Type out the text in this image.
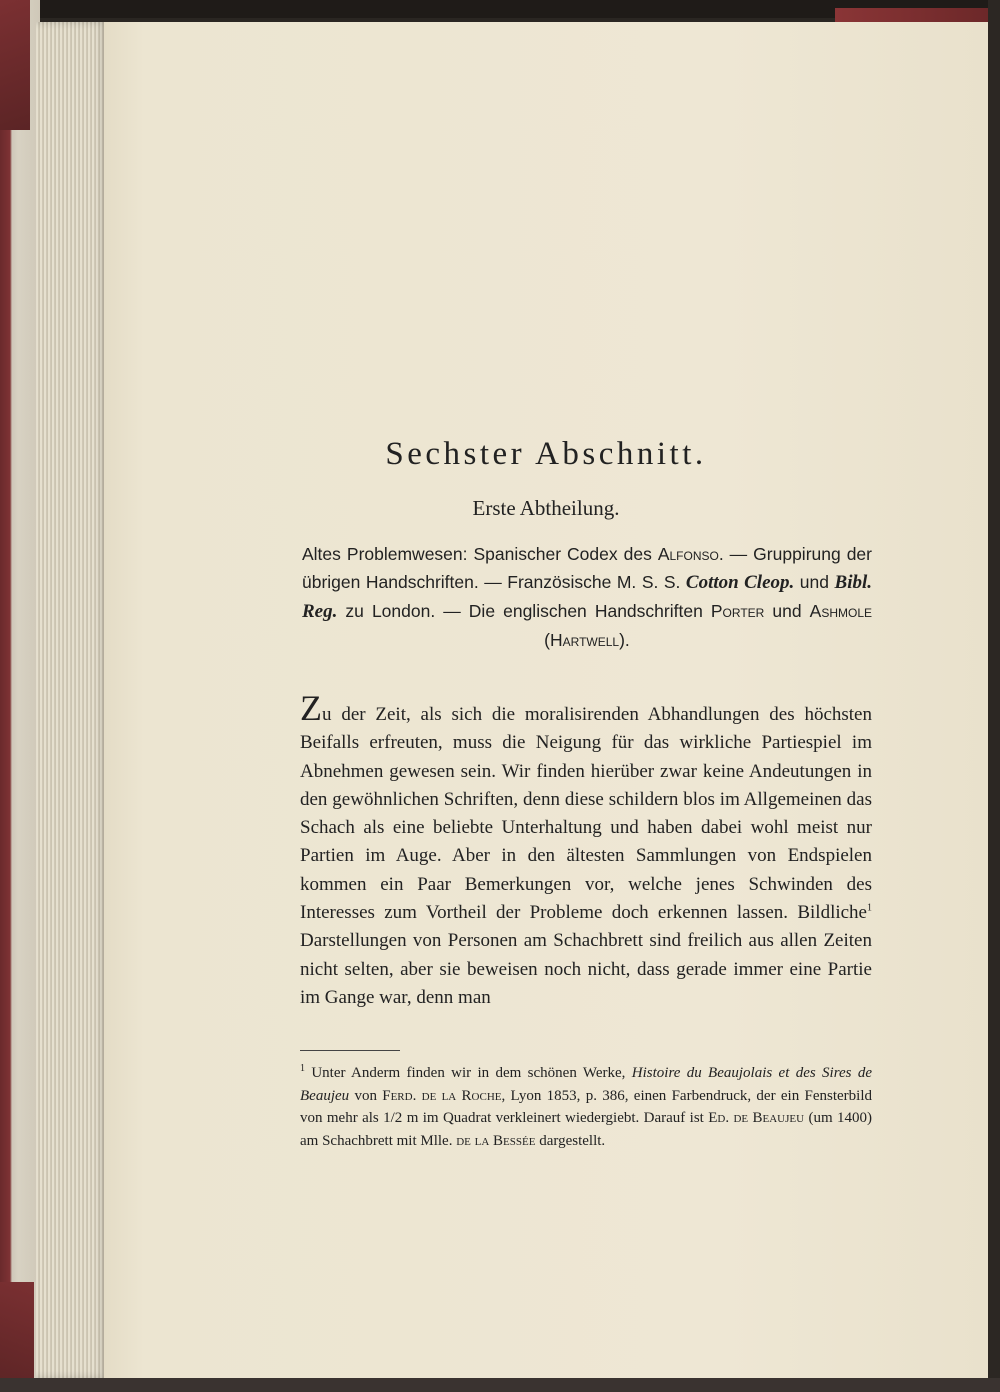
Sechster Abschnitt.
Erste Abtheilung.

Altes Problemwesen: Spanischer Codex des Alfonso. — Gruppirung der übrigen Handschriften. — Französische M. S. S. Cotton Cleop. und Bibl. Reg. zu London. — Die englischen Handschriften Porter und Ashmole (Hartwell).

Zu der Zeit, als sich die moralisirenden Abhandlungen des höchsten Beifalls erfreuten, muss die Neigung für das wirkliche Partiespiel im Abnehmen gewesen sein. Wir finden hierüber zwar keine Andeutungen in den gewöhnlichen Schriften, denn diese schildern blos im Allgemeinen das Schach als eine beliebte Unterhaltung und haben dabei wohl meist nur Partien im Auge. Aber in den ältesten Sammlungen von Endspielen kommen ein Paar Bemerkungen vor, welche jenes Schwinden des Interesses zum Vortheil der Probleme doch erkennen lassen. Bildliche$^1$ Darstellungen von Personen am Schachbrett sind freilich aus allen Zeiten nicht selten, aber sie beweisen noch nicht, dass gerade immer eine Partie im Gange war, denn man

$^1$ Unter Anderm finden wir in dem schönen Werke, Histoire du Beaujolais et des Sires de Beaujeu von Ferd. de la Roche, Lyon 1853, p. 386, einen Farbendruck, der ein Fensterbild von mehr als 1/2 m im Quadrat verkleinert wiedergiebt. Darauf ist Ed. de Beaujeu (um 1400) am Schachbrett mit Mlle. de la Bessée dargestellt.
